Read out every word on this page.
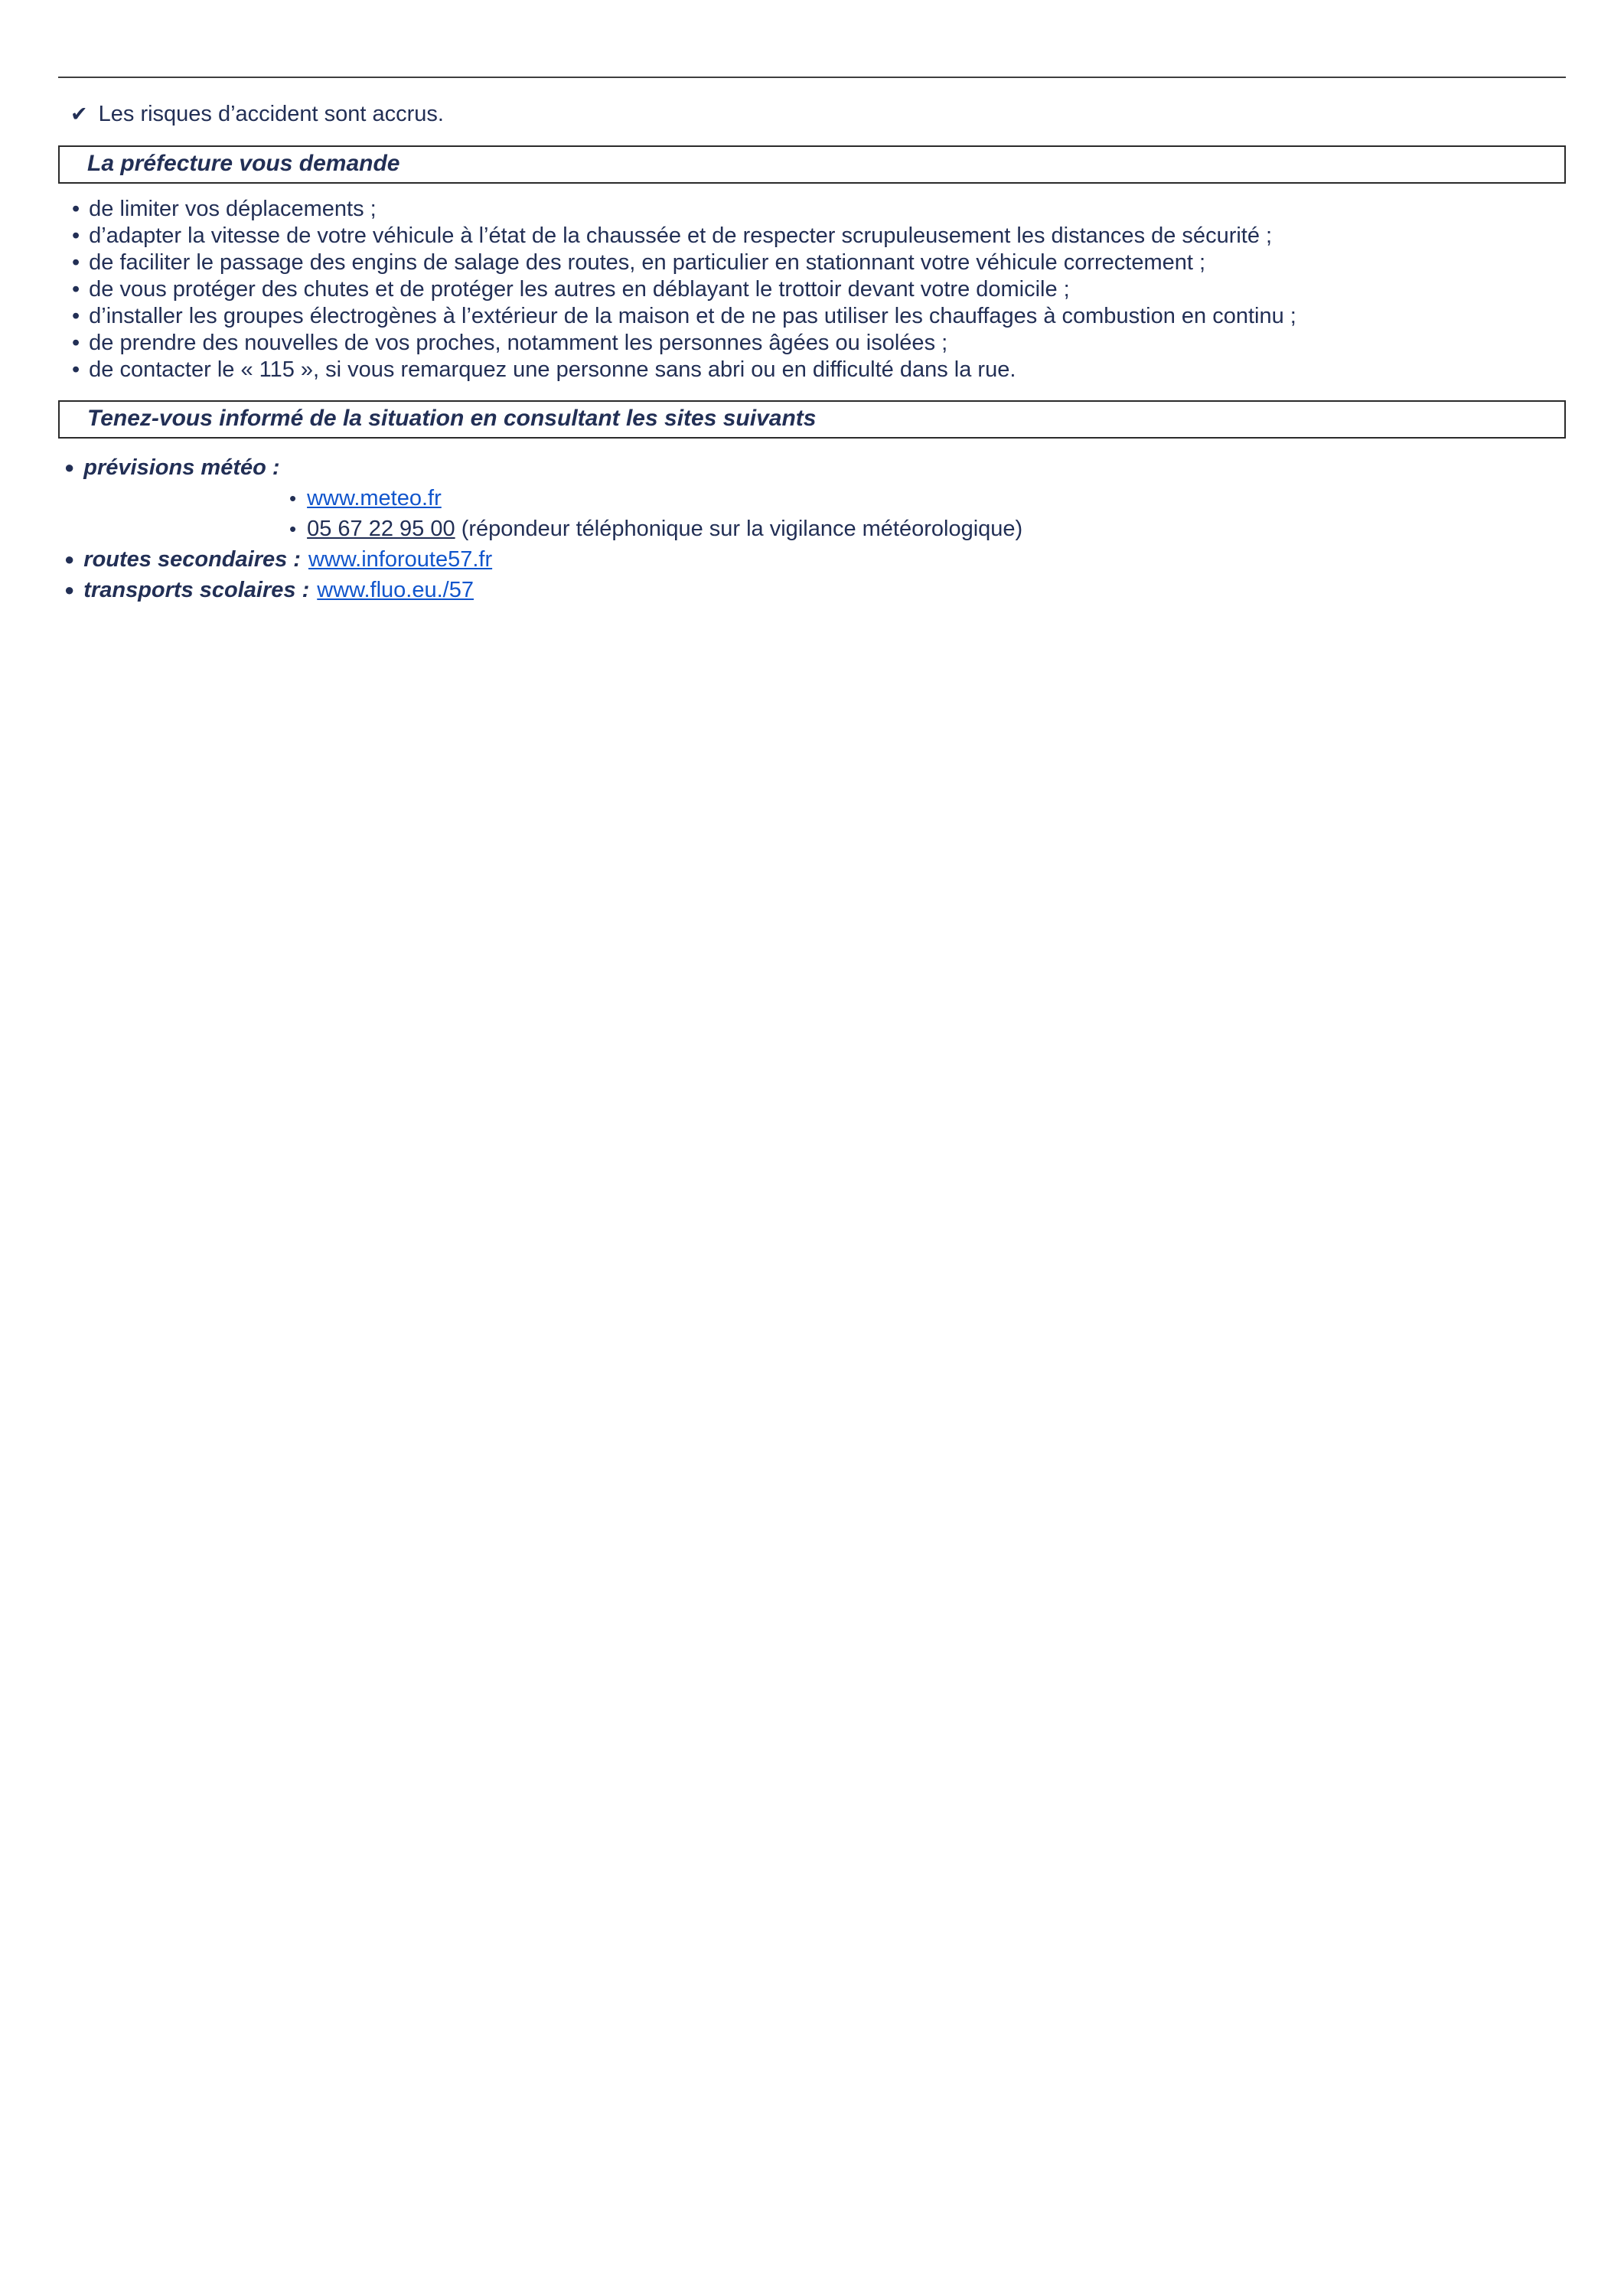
✔ Les risques d’accident sont accrus.

La préfecture vous demande

• de limiter vos déplacements ;

• d’adapter la vitesse de votre véhicule à l’état de la chaussée et de respecter scrupuleusement les distances de sécurité ;

• de faciliter le passage des engins de salage des routes, en particulier en stationnant votre véhicule correctement ;

• de vous protéger des chutes et de protéger les autres en déblayant le trottoir devant votre domicile ;

• d’installer les groupes électrogènes à l’extérieur de la maison et de ne pas utiliser les chauffages à combustion en continu ;

• de prendre des nouvelles de vos proches, notamment les personnes âgées ou isolées ;

• de contacter le « 115 », si vous remarquez une personne sans abri ou en difficulté dans la rue.

Tenez-vous informé de la situation en consultant les sites suivants

● prévisions météo :

• www.meteo.fr

• 05 67 22 95 00 (répondeur téléphonique sur la vigilance météorologique)

● routes secondaires : www.inforoute57.fr

● transports scolaires : www.fluo.eu./57
